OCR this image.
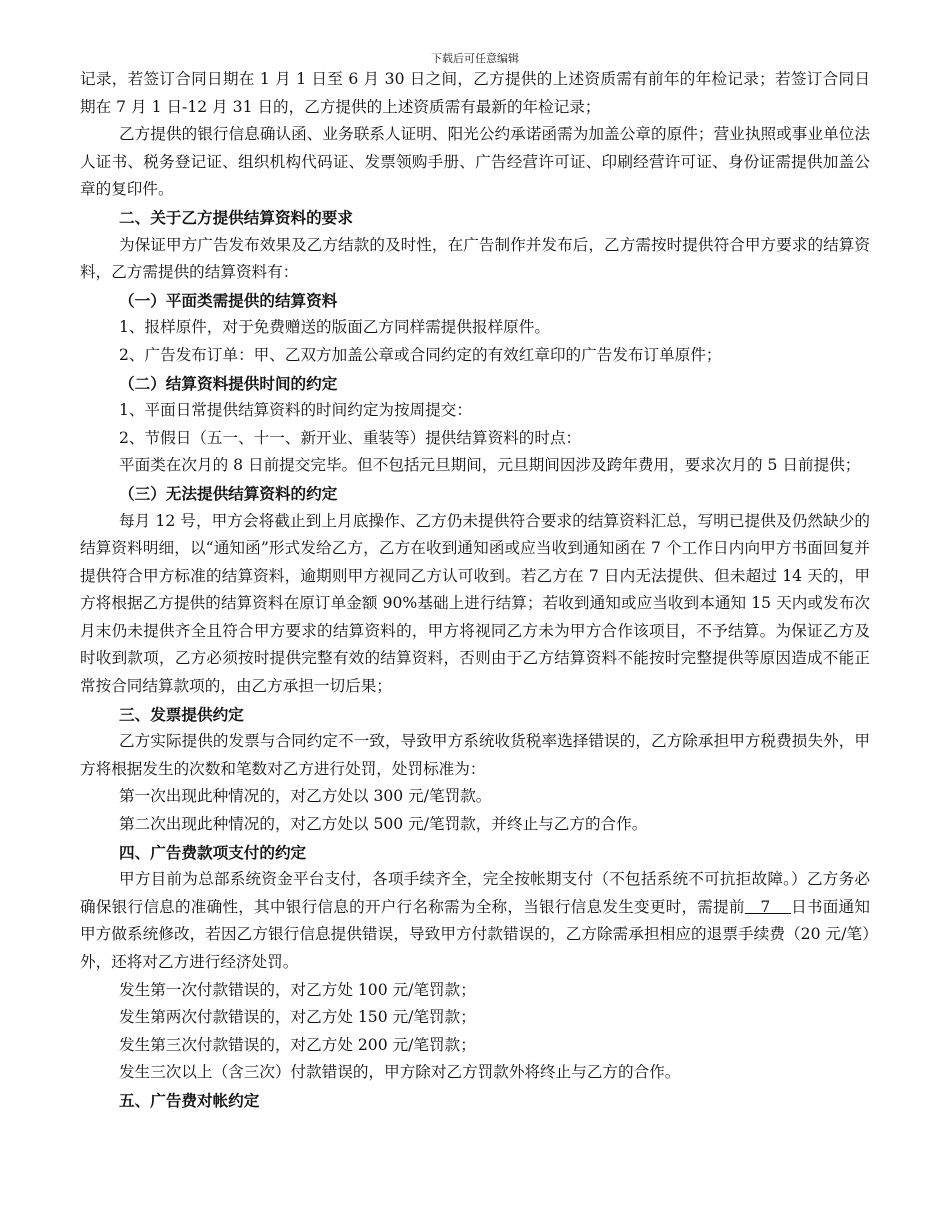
下载后可任意编辑

记录，若签订合同日期在 1 月 1 日至 6 月 30 日之间，乙方提供的上述资质需有前年的年检记录；若签订合同日期在 7 月 1 日-12 月 31 日的，乙方提供的上述资质需有最新的年检记录；

乙方提供的银行信息确认函、业务联系人证明、阳光公约承诺函需为加盖公章的原件；营业执照或事业单位法人证书、税务登记证、组织机构代码证、发票领购手册、广告经营许可证、印刷经营许可证、身份证需提供加盖公章的复印件。

二、关于乙方提供结算资料的要求

为保证甲方广告发布效果及乙方结款的及时性，在广告制作并发布后，乙方需按时提供符合甲方要求的结算资料，乙方需提供的结算资料有：

（一）平面类需提供的结算资料

1、报样原件，对于免费赠送的版面乙方同样需提供报样原件。

2、广告发布订单：甲、乙双方加盖公章或合同约定的有效红章印的广告发布订单原件；

（二）结算资料提供时间的约定

1、平面日常提供结算资料的时间约定为按周提交：

2、节假日（五一、十一、新开业、重装等）提供结算资料的时点：

平面类在次月的 8 日前提交完毕。但不包括元旦期间，元旦期间因涉及跨年费用，要求次月的 5 日前提供；

（三）无法提供结算资料的约定

每月 12 号，甲方会将截止到上月底操作、乙方仍未提供符合要求的结算资料汇总，写明已提供及仍然缺少的结算资料明细，以“通知函”形式发给乙方，乙方在收到通知函或应当收到通知函在 7 个工作日内向甲方书面回复并提供符合甲方标准的结算资料，逾期则甲方视同乙方认可收到。若乙方在 7 日内无法提供、但未超过 14 天的，甲方将根据乙方提供的结算资料在原订单金额 90%基础上进行结算；若收到通知或应当收到本通知 15 天内或发布次月末仍未提供齐全且符合甲方要求的结算资料的，甲方将视同乙方未为甲方合作该项目，不予结算。为保证乙方及时收到款项，乙方必须按时提供完整有效的结算资料，否则由于乙方结算资料不能按时完整提供等原因造成不能正常按合同结算款项的，由乙方承担一切后果；

三、发票提供约定

乙方实际提供的发票与合同约定不一致，导致甲方系统收货税率选择错误的，乙方除承担甲方税费损失外，甲方将根据发生的次数和笔数对乙方进行处罚，处罚标准为：

第一次出现此种情况的，对乙方处以 300 元/笔罚款。

第二次出现此种情况的，对乙方处以 500 元/笔罚款，并终止与乙方的合作。

四、广告费款项支付的约定

甲方目前为总部系统资金平台支付，各项手续齐全，完全按帐期支付（不包括系统不可抗拒故障。）乙方务必确保银行信息的准确性，其中银行信息的开户行名称需为全称，当银行信息发生变更时，需提前   7    日书面通知甲方做系统修改，若因乙方银行信息提供错误，导致甲方付款错误的，乙方除需承担相应的退票手续费（20 元/笔）外，还将对乙方进行经济处罚。

发生第一次付款错误的，对乙方处 100 元/笔罚款；

发生第两次付款错误的，对乙方处 150 元/笔罚款；

发生第三次付款错误的，对乙方处 200 元/笔罚款；

发生三次以上（含三次）付款错误的，甲方除对乙方罚款外将终止与乙方的合作。

五、广告费对帐约定
